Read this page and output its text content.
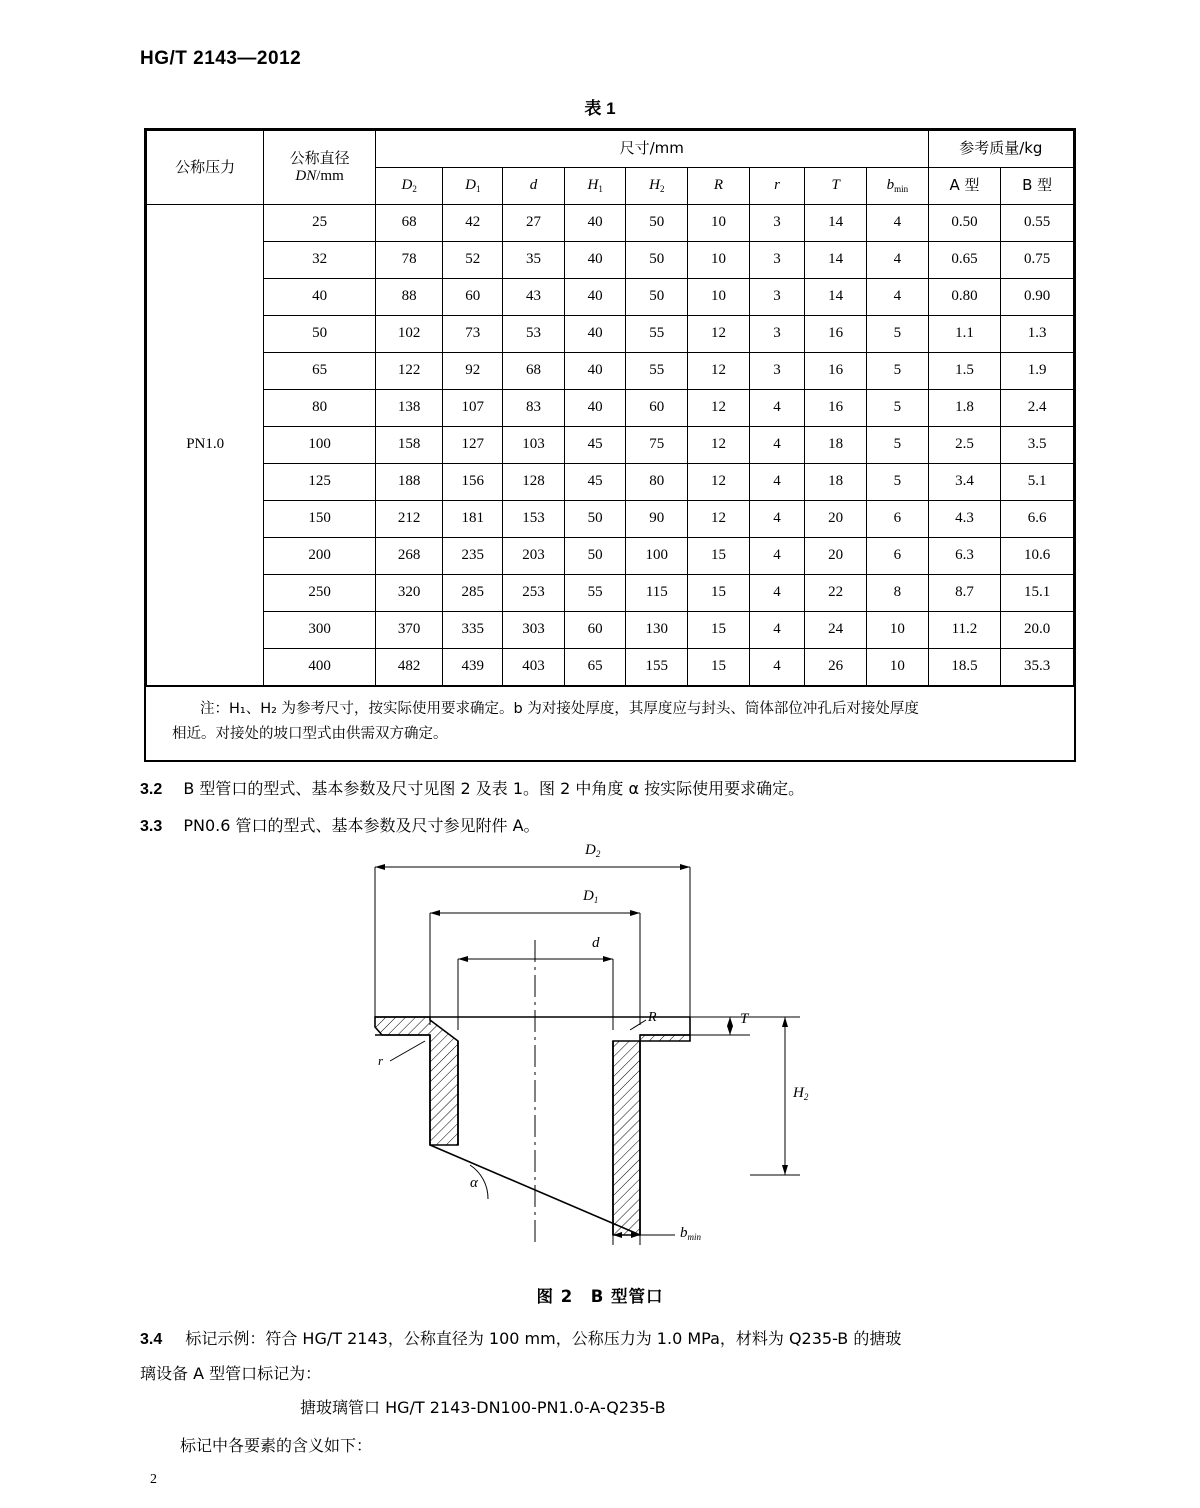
HG/T 2143—2012
表 1
公称压力	公称直径
DN/mm	尺寸/mm									参考质量/kg	
		$D_2$	$D_1$	d	$H_1$	$H_2$	R	r	T	$b_{min}$	A 型	B 型
PN1.0	25	68	42	27	40	50	10	3	14	4	0.50	0.55
	32	78	52	35	40	50	10	3	14	4	0.65	0.75
	40	88	60	43	40	50	10	3	14	4	0.80	0.90
	50	102	73	53	40	55	12	3	16	5	1.1	1.3
	65	122	92	68	40	55	12	3	16	5	1.5	1.9
	80	138	107	83	40	60	12	4	16	5	1.8	2.4
	100	158	127	103	45	75	12	4	18	5	2.5	3.5
	125	188	156	128	45	80	12	4	18	5	3.4	5.1
	150	212	181	153	50	90	12	4	20	6	4.3	6.6
	200	268	235	203	50	100	15	4	20	6	6.3	10.6
	250	320	285	253	55	115	15	4	22	8	8.7	15.1
	300	370	335	303	60	130	15	4	24	10	11.2	20.0
	400	482	439	403	65	155	15	4	26	10	18.5	35.3
注：H₁、H₂ 为参考尺寸，按实际使用要求确定。b 为对接处厚度，其厚度应与封头、筒体部位冲孔后对接处厚度
相近。对接处的坡口型式由供需双方确定。
3.2 B 型管口的型式、基本参数及尺寸见图 2 及表 1。图 2 中角度 α 按实际使用要求确定。
3.3 PN0.6 管口的型式、基本参数及尺寸参见附件 A。
$D_2$
$D_1$
d
T
$H_2$
R
r
α
$b_{min}$
图 2　B 型管口
3.4 标记示例：符合 HG/T 2143，公称直径为 100 mm，公称压力为 1.0 MPa，材料为 Q235-B 的搪玻
璃设备 A 型管口标记为：
搪玻璃管口 HG/T 2143-DN100-PN1.0-A-Q235-B
标记中各要素的含义如下：
2
